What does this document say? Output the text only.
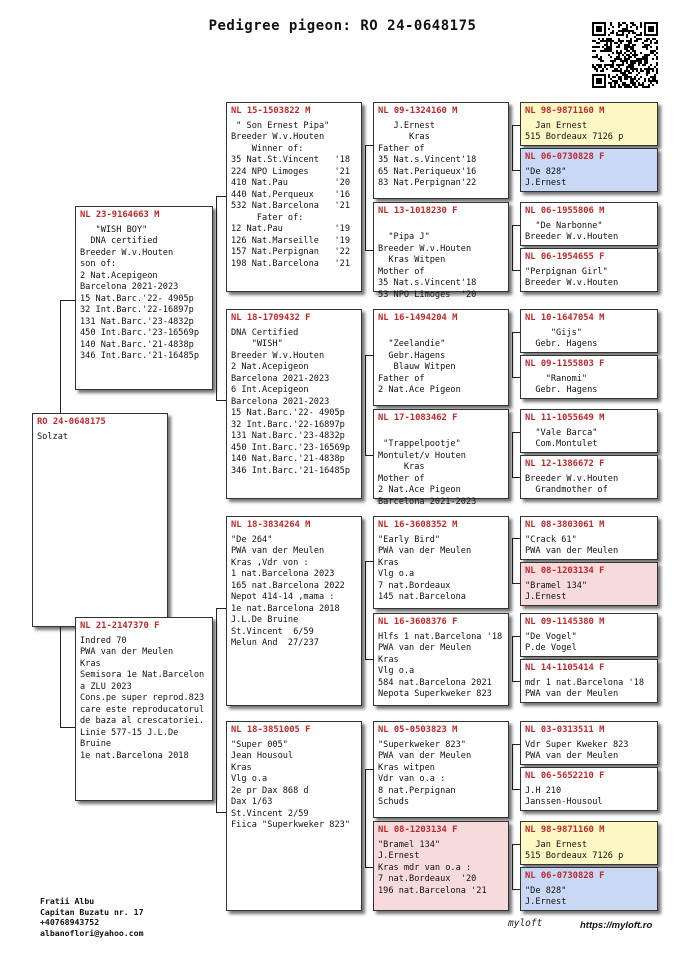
Pedigree pigeon: RO 24-0648175
RO 24-0648175
Solzat
NL 23-9164663 M
"WISH BOY"
DNA certified
Breeder W.v.Houten
son of:
2 Nat.Acepigeon
Barcelona 2021-2023
15 Nat.Barc.'22- 4905p
32 Int.Barc.'22-16897p
131 Nat.Barc.'23-4832p
450 Int.Barc.'23-16569p
140 Nat.Barc.'21-4838p
346 Int.Barc.'21-16485p
NL 21-2147370 F
Indred 70
PWA van der Meulen
Kras
Semisora 1e Nat.Barcelon
a ZLU 2023
Cons.pe super reprod.823
care este reproducatorul
de baza al crescatoriei.
Linie 577-15 J.L.De
Bruine
1e nat.Barcelona 2018
NL 15-1503822 M
" Son Ernest Pipa"
Breeder W.v.Houten
Winner of:
35 Nat.St.Vincent   '18
224 NPO Limoges     '21
410 Nat.Pau         '20
440 Nat.Perqueux    '16
532 Nat.Barcelona   '21
Fater of:
12 Nat.Pau          '19
126 Nat.Marseille   '19
157 Nat.Perpignan   '22
198 Nat.Barcelona   '21
NL 18-1709432 F
DNA Certified
"WISH"
Breeder W.v.Houten
2 Nat.Acepigeon
Barcelona 2021-2023
6 Int.Acepigeon
Barcelona 2021-2023
15 Nat.Barc.'22- 4905p
32 Int.Barc.'22-16897p
131 Nat.Barc.'23-4832p
450 Int.Barc.'23-16569p
140 Nat.Barc.'21-4838p
346 Int.Barc.'21-16485p
NL 18-3834264 M
"De 264"
PWA van der Meulen
Kras ,Vdr von :
1 nat.Barcelona 2023
165 nat.Barcelona 2022
Nepot 414-14 ,mama :
1e nat.Barcelona 2018
J.L.De Bruine
St.Vincent  6/59
Melun And  27/237
NL 18-3851005 F
"Super 005"
Jean Housoul
Kras
Vlg o.a
2e pr Dax 868 d
Dax 1/63
St.Vincent 2/59
Fiica "Superkweker 823"
NL 09-1324160 M
J.Ernest
Kras
Father of
35 Nat.s.Vincent'18
65 Nat.Periqueux'16
83 Nat.Perpignan'22
NL 13-1018230 F

"Pipa J"
Breeder W.v.Houten
Kras Witpen
Mother of
35 Nat.s.Vincent'18
53 NPO Limoges  '20
NL 16-1494204 M

"Zeelandie"
Gebr.Hagens
Blauw Witpen
Father of
2 Nat.Ace Pigeon
NL 17-1083462 F

"Trappelpootje"
Montulet/v Houten
Kras
Mother of
2 Nat.Ace Pigeon
Barcelona 2021-2023
NL 16-3608352 M
"Early Bird"
PWA van der Meulen
Kras
Vlg o.a
7 nat.Bordeaux
145 nat.Barcelona
NL 16-3608376 F
Hlfs 1 nat.Barcelona '18
PWA van der Meulen
Kras
Vlg o.a
584 nat.Barcelona 2021
Nepota Superkweker 823
NL 05-0503823 M
"Superkweker 823"
PWA van der Meulen
Kras witpen
Vdr van o.a :
8 nat.Perpignan
Schuds
NL 08-1203134 F
"Bramel 134"
J.Ernest
Kras mdr van o.a :
7 nat.Bordeaux  '20
196 nat.Barcelona '21
NL 98-9871160 M
Jan Ernest
515 Bordeaux 7126 p
NL 06-0730828 F
"De 828"
J.Ernest
NL 06-1955806 M
"De Narbonne"
Breeder W.v.Houten
NL 06-1954655 F
"Perpignan Girl"
Breeder W.v.Houten
NL 10-1647054 M
"Gijs"
Gebr. Hagens
NL 09-1155803 F
"Ranomi"
Gebr. Hagens
NL 11-1055649 M
"Vale Barca"
Com.Montulet
NL 12-1386672 F
Breeder W.v.Houten
Grandmother of
NL 08-3803061 M
"Crack 61"
PWA van der Meulen
NL 08-1203134 F
"Bramel 134"
J.Ernest
NL 09-1145380 M
"De Vogel"
P.de Vogel
NL 14-1105414 F
mdr 1 nat.Barcelona '18
PWA van der Meulen
NL 03-0313511 M
Vdr Super Kweker 823
PWA van der Meulen
NL 06-5652210 F
J.H 210
Janssen-Housoul
NL 98-9871160 M
Jan Ernest
515 Bordeaux 7126 p
NL 06-0730828 F
"De 828"
J.Ernest
Fratii Albu
Capitan Buzatu nr. 17
+40768943752
albanoflori@yahoo.com
myloft	https://myloft.ro
